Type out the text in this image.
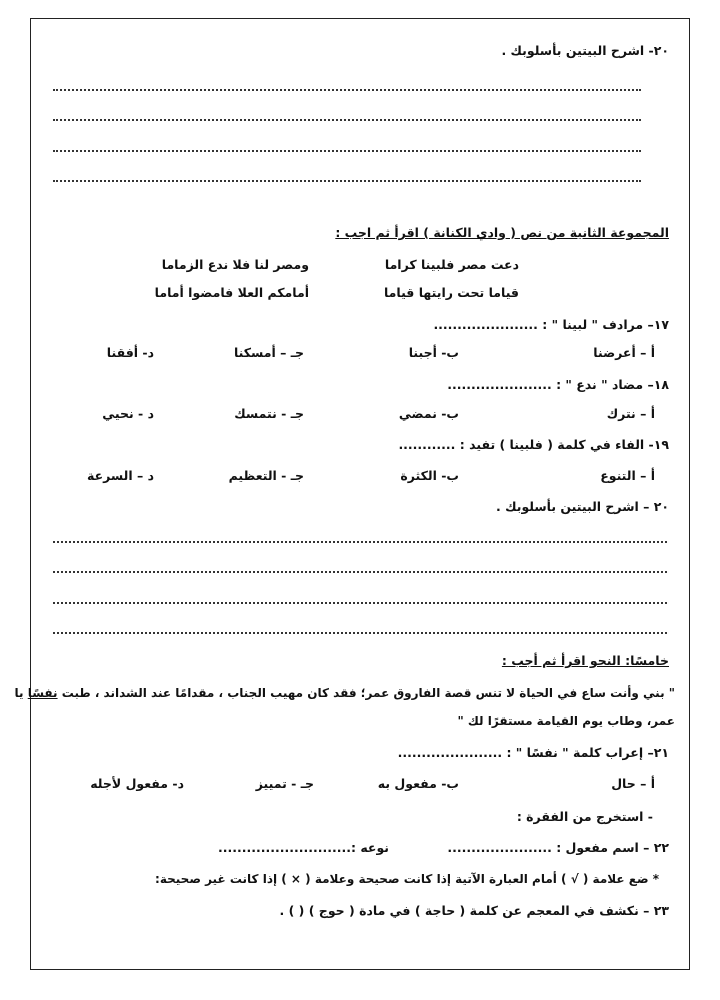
٢٠- اشرح البيتين بأسلوبك .
المجموعة الثانية من نص ( وادي الكنانة ) اقرأ ثم اجب :
دعت مصر فلبينا كراما
ومصر لنا فلا ندع الزماما
قياما تحت رايتها قياما
أمامكم العلا فامضوا أماما
١٧– مرادف " لبينا " : ......................
أ – أعرضنا
ب- أجبنا
جـ – أمسكنا
د- أفقنا
١٨– مضاد " ندع " : ......................
أ – نترك
ب- نمضي
جـ - نتمسك
د - نحيي
١٩- الفاء في كلمة ( فلبينا ) تفيد : ............
أ – التنوع
ب- الكثرة
جـ - التعظيم
د – السرعة
٢٠ – اشرح البيتين بأسلوبك .
خامسًا: النحو اقرأ ثم أجب :
" بني وأنت ساع في الحياة لا تنس قصة الفاروق عمر؛ فقد كان مهيب الجناب ، مقدامًا عند الشداند ، طبت نفسًا يا
عمر، وطاب يوم القيامة مستقرًا لك "
٢١– إعراب كلمة " نفسًا " : ......................
أ – حال
ب- مفعول به
جـ - تمييز
د- مفعول لأجله
- استخرج من الفقرة :
٢٢ – اسم مفعول : ......................
نوعه :............................
* ضع علامة ( √ ) أمام العبارة الآتية إذا كانت صحيحة وعلامة ( × ) إذا كانت غير صحيحة:
٢٣ – نكشف في المعجم عن كلمة ( حاجة ) في مادة ( حوج ) ( ) .
